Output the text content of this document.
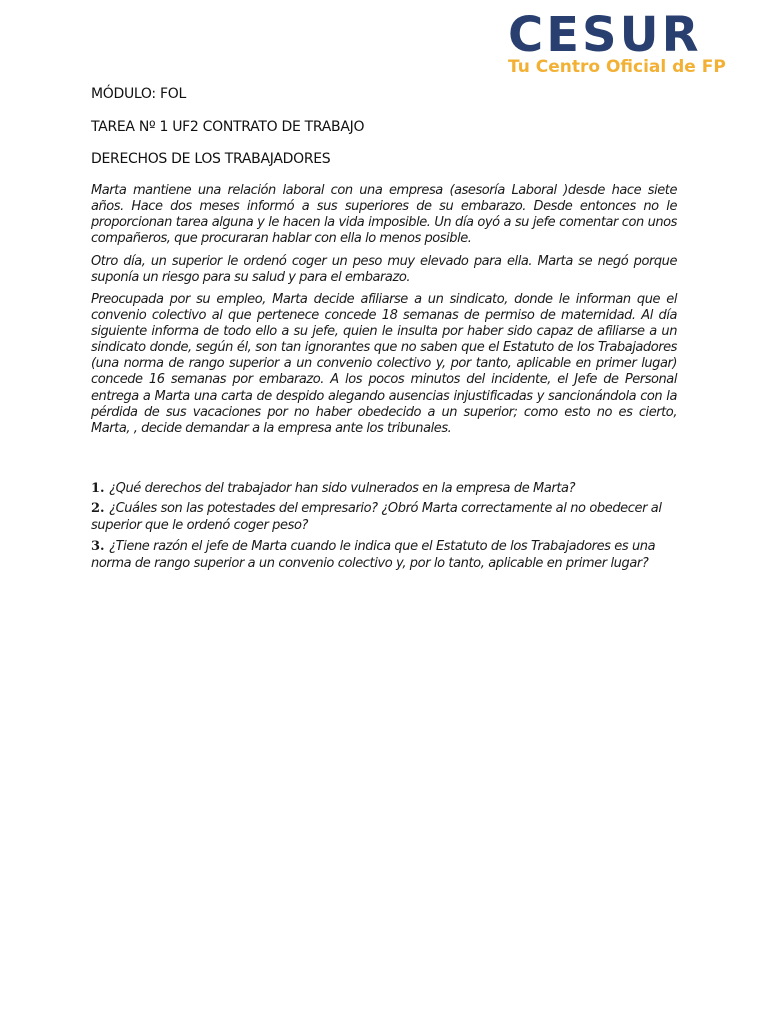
CESUR
Tu Centro Oficial de FP
MÓDULO: FOL
TAREA Nº 1 UF2 CONTRATO DE TRABAJO
DERECHOS DE LOS TRABAJADORES

Marta mantiene una relación laboral con una empresa (asesoría Laboral )desde hace siete años. Hace dos meses informó a sus superiores de su embarazo. Desde entonces no le proporcionan tarea alguna y le hacen la vida imposible. Un día oyó a su jefe comentar con unos compañeros, que procuraran hablar con ella lo menos posible.

Otro día, un superior le ordenó coger un peso muy elevado para ella. Marta se negó porque suponía un riesgo para su salud y para el embarazo.

Preocupada por su empleo, Marta decide afiliarse a un sindicato, donde le informan que el convenio colectivo al que pertenece concede 18 semanas de permiso de maternidad. Al día siguiente informa de todo ello a su jefe, quien le insulta por haber sido capaz de afiliarse a un sindicato donde, según él, son tan ignorantes que no saben que el Estatuto de los Trabajadores (una norma de rango superior a un convenio colectivo y, por tanto, aplicable en primer lugar) concede 16 semanas por embarazo. A los pocos minutos del incidente, el Jefe de Personal entrega a Marta una carta de despido alegando ausencias injustificadas y sancionándola con la pérdida de sus vacaciones por no haber obedecido a un superior; como esto no es cierto, Marta, , decide demandar a la empresa ante los tribunales.

1. ¿Qué derechos del trabajador han sido vulnerados en la empresa de Marta?

2. ¿Cuáles son las potestades del empresario? ¿Obró Marta correctamente al no obedecer al superior que le ordenó coger peso?

3. ¿Tiene razón el jefe de Marta cuando le indica que el Estatuto de los Trabajadores es una norma de rango superior a un convenio colectivo y, por lo tanto, aplicable en primer lugar?
